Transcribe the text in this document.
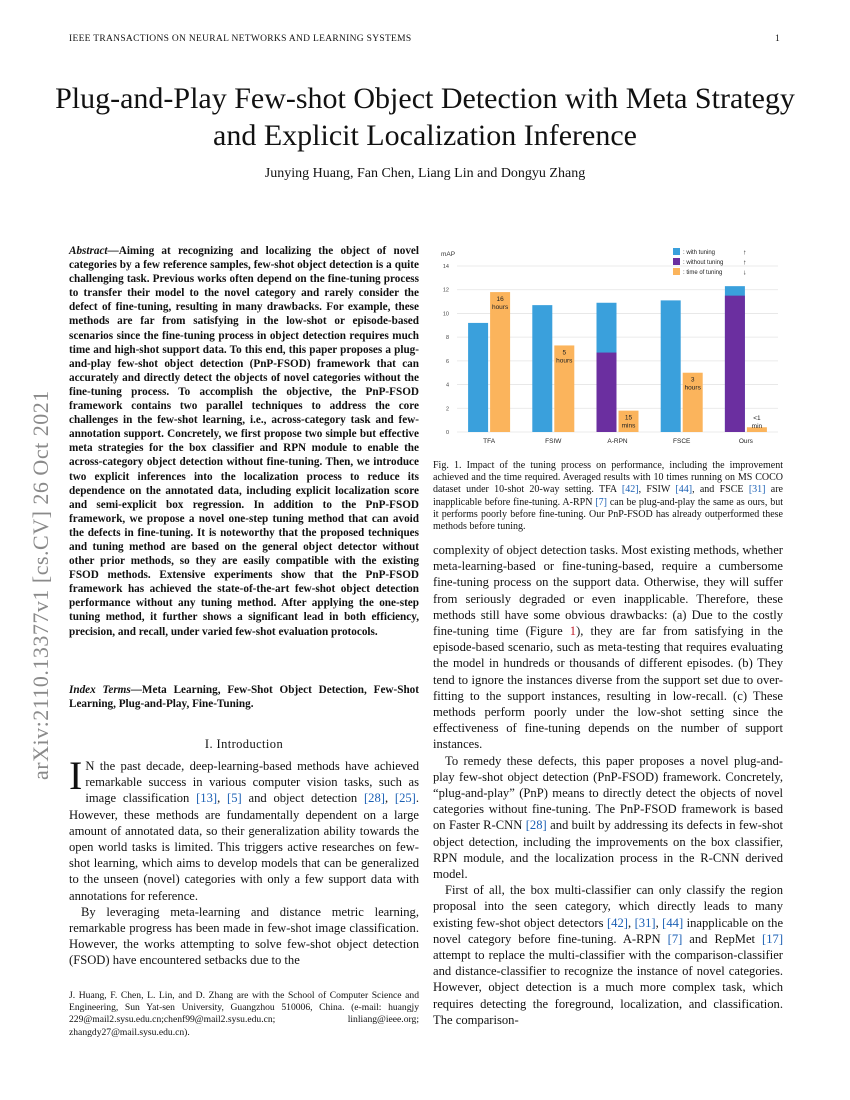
IEEE TRANSACTIONS ON NEURAL NETWORKS AND LEARNING SYSTEMS	1
Plug-and-Play Few-shot Object Detection with Meta Strategy and Explicit Localization Inference
Junying Huang, Fan Chen, Liang Lin and Dongyu Zhang
arXiv:2110.13377v1 [cs.CV] 26 Oct 2021
Abstract—Aiming at recognizing and localizing the object of novel categories by a few reference samples, few-shot object detection is a quite challenging task. Previous works often depend on the fine-tuning process to transfer their model to the novel category and rarely consider the defect of fine-tuning, resulting in many drawbacks. For example, these methods are far from satisfying in the low-shot or episode-based scenarios since the fine-tuning process in object detection requires much time and high-shot support data. To this end, this paper proposes a plug-and-play few-shot object detection (PnP-FSOD) framework that can accurately and directly detect the objects of novel categories without the fine-tuning process. To accomplish the objective, the PnP-FSOD framework contains two parallel techniques to address the core challenges in the few-shot learning, i.e., across-category task and few-annotation support. Concretely, we first propose two simple but effective meta strategies for the box classifier and RPN module to enable the across-category object detection without fine-tuning. Then, we introduce two explicit inferences into the localization process to reduce its dependence on the annotated data, including explicit localization score and semi-explicit box regression. In addition to the PnP-FSOD framework, we propose a novel one-step tuning method that can avoid the defects in fine-tuning. It is noteworthy that the proposed techniques and tuning method are based on the general object detector without other prior methods, so they are easily compatible with the existing FSOD methods. Extensive experiments show that the PnP-FSOD framework has achieved the state-of-the-art few-shot object detection performance without any tuning method. After applying the one-step tuning method, it further shows a significant lead in both efficiency, precision, and recall, under varied few-shot evaluation protocols.
Index Terms—Meta Learning, Few-Shot Object Detection, Few-Shot Learning, Plug-and-Play, Fine-Tuning.
I. Introduction

I N the past decade, deep-learning-based methods have achieved remarkable success in various computer vision tasks, such as image classification [13], [5] and object detection [28], [25]. However, these methods are fundamentally dependent on a large amount of annotated data, so their generalization ability towards the open world tasks is limited. This triggers active researches on few-shot learning, which aims to develop models that can be generalized to the unseen (novel) categories with only a few support data with annotations for reference.

By leveraging meta-learning and distance metric learning, remarkable progress has been made in few-shot image classification. However, the works attempting to solve few-shot object detection (FSOD) have encountered setbacks due to the

J. Huang, F. Chen, L. Lin, and D. Zhang are with the School of Computer Science and Engineering, Sun Yat-sen University, Guangzhou 510006, China. (e-mail: huangjy 229@mail2.sysu.edu.cn;chenf99@mail2.sysu.edu.cn; linliang@ieee.org; zhangdy27@mail.sysu.edu.cn).
0
2
4
6
8
10
12
14
mAP
16
hours
TFA
5
hours
FSIW
15
mins
A-RPN
3
hours
FSCE
<1
min
Ours
: with tuning	↑
: without tuning	↑
: time of tuning	↓
Fig. 1. Impact of the tuning process on performance, including the improvement achieved and the time required. Averaged results with 10 times running on MS COCO dataset under 10-shot 20-way setting. TFA [42], FSIW [44], and FSCE [31] are inapplicable before fine-tuning. A-RPN [7] can be plug-and-play the same as ours, but it performs poorly before fine-tuning. Our PnP-FSOD has already outperformed these methods before tuning.

complexity of object detection tasks. Most existing methods, whether meta-learning-based or fine-tuning-based, require a cumbersome fine-tuning process on the support data. Otherwise, they will suffer from seriously degraded or even inapplicable. Therefore, these methods still have some obvious drawbacks: (a) Due to the costly fine-tuning time (Figure 1), they are far from satisfying in the episode-based scenario, such as meta-testing that requires evaluating the model in hundreds or thousands of different episodes. (b) They tend to ignore the instances diverse from the support set due to over-fitting to the support instances, resulting in low-recall. (c) These methods perform poorly under the low-shot setting since the effectiveness of fine-tuning depends on the number of support instances.

To remedy these defects, this paper proposes a novel plug-and-play few-shot object detection (PnP-FSOD) framework. Concretely, “plug-and-play” (PnP) means to directly detect the objects of novel categories without fine-tuning. The PnP-FSOD framework is based on Faster R-CNN [28] and built by addressing its defects in few-shot object detection, including the improvements on the box classifier, RPN module, and the localization process in the R-CNN derived model.

First of all, the box multi-classifier can only classify the region proposal into the seen category, which directly leads to many existing few-shot object detectors [42], [31], [44] inapplicable on the novel category before fine-tuning. A-RPN [7] and RepMet [17] attempt to replace the multi-classifier with the comparison-classifier and distance-classifier to recognize the instance of novel categories. However, object detection is a much more complex task, which requires detecting the foreground, localization, and classification. The comparison-
